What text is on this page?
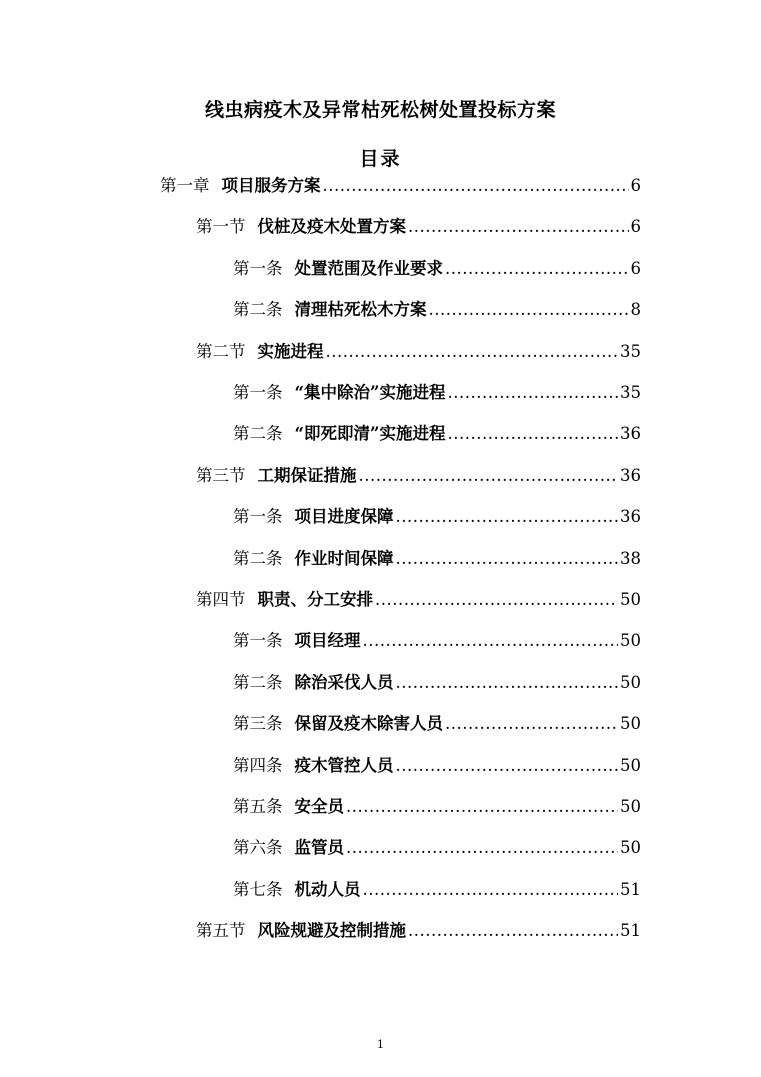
线虫病疫木及异常枯死松树处置投标方案
目录
第一章 项目服务方案 .....	6
第一节 伐桩及疫木处置方案 .....	6
第一条 处置范围及作业要求 .....	6
第二条 清理枯死松木方案 .....	8
第二节 实施进程 .....	35
第一条 “集中除治”实施进程 .....	35
第二条 “即死即清”实施进程 .....	36
第三节 工期保证措施 .....	36
第一条 项目进度保障 .....	36
第二条 作业时间保障 .....	38
第四节 职责、分工安排 .....	50
第一条 项目经理 .....	50
第二条 除治采伐人员 .....	50
第三条 保留及疫木除害人员 .....	50
第四条 疫木管控人员 .....	50
第五条 安全员 .....	50
第六条 监管员 .....	50
第七条 机动人员 .....	51
第五节 风险规避及控制措施 .....	51
1
